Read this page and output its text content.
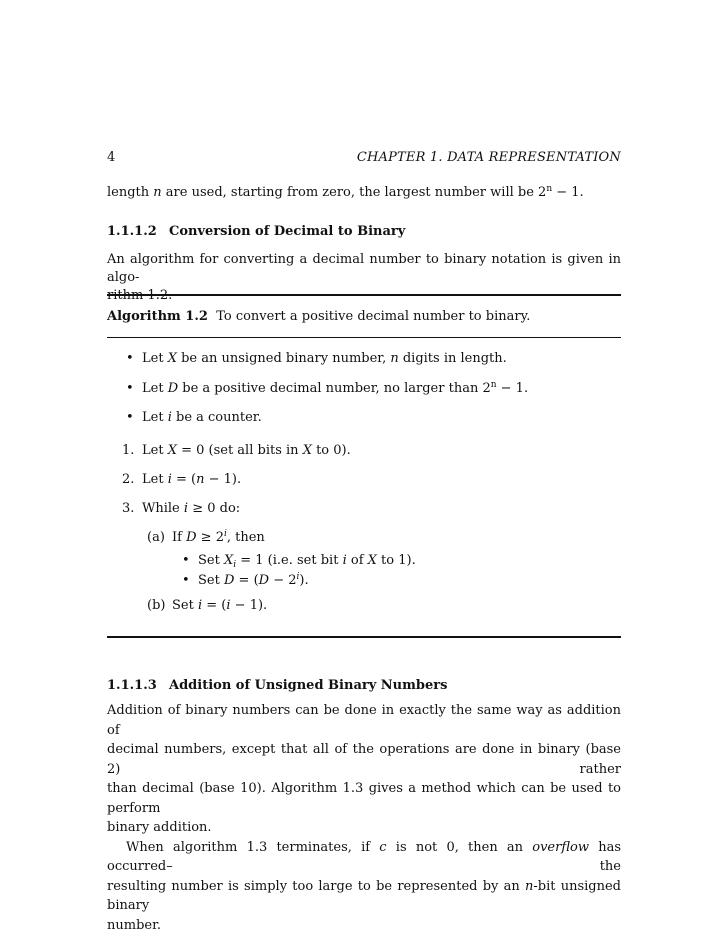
4	CHAPTER 1. DATA REPRESENTATION
length n are used, starting from zero, the largest number will be $2^n - 1$.
1.1.1.2 Conversion of Decimal to Binary
An algorithm for converting a decimal number to binary notation is given in algo-

Algorithm 1.2 To convert a positive decimal number to binary.
• Let X be an unsigned binary number, n digits in length.
• Let D be a positive decimal number, no larger than $2^n - 1$.
• Let i be a counter.
1. Let X = 0 (set all bits in X to 0).
2. Let i = (n − 1).
3. While i ≥ 0 do:
(a) If $D \ge 2^i$, then
• Set $X_i = 1$ (i.e. set bit i of X to 1).
• Set $D = (D - 2^i)$.
(b) Set i = (i − 1).
1.1.1.3 Addition of Unsigned Binary Numbers
Addition of binary numbers can be done in exactly the same way as addition of
decimal numbers, except that all of the operations are done in binary (base 2) rather
than decimal (base 10). Algorithm 1.3 gives a method which can be used to perform
binary addition.
When algorithm 1.3 terminates, if c is not 0, then an overflow has occurred– the
resulting number is simply too large to be represented by an n-bit unsigned binary
number.
